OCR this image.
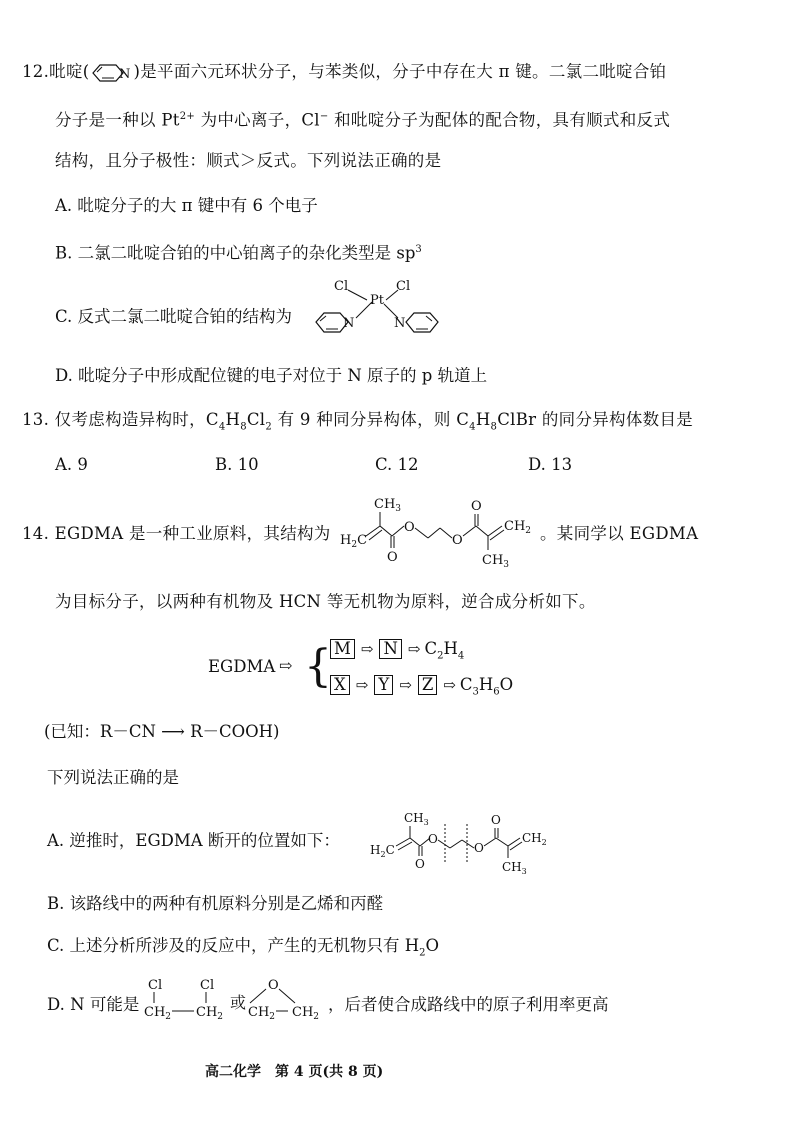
12.吡啶( N )是平面六元环状分子，与苯类似，分子中存在大 π 键。二氯二吡啶合铂
分子是一种以 $Pt^{2+}$ 为中心离子，Cl− 和吡啶分子为配体的配合物，具有顺式和反式
结构，且分子极性：顺式＞反式。下列说法正确的是
A. 吡啶分子的大 π 键中有 6 个电子
B. 二氯二吡啶合铂的中心铂离子的杂化类型是 $sp^3$
C. 反式二氯二吡啶合铂的结构为	N
Cl	Cl
Pt
N
D. 吡啶分子中形成配位键的电子对位于 N 原子的 p 轨道上
13. 仅考虑构造异构时，$C_4H_8Cl_2$ 有 9 种同分异构体，则 $C_4H_8ClBr$ 的同分异构体数目是
A. 9	B. 10	C. 12	D. 13
14. EGDMA 是一种工业原料，其结构为
$CH_3$
$H_2C$
O
O
O
O
$CH_2$
$CH_3$
。某同学以 EGDMA
为目标分子，以两种有机物及 HCN 等无机物为原料，逆合成分析如下。
EGDMA ⇨ { M ⇨ N ⇨ $C_2H_4$
X ⇨ Y ⇨ Z ⇨ $C_3H_6O$
(已知：R－CN ⟶ R－COOH)
下列说法正确的是
A. 逆推时，EGDMA 断开的位置如下：
$CH_3$
$H_2C$
O
O
O
O
$CH_2$
$CH_3$
B. 该路线中的两种有机原料分别是乙烯和丙醛
C. 上述分析所涉及的反应中，产生的无机物只有 $H_2O$
D. N 可能是
Cl
$CH_2$
Cl
$CH_2$
或
O
$CH_2$ $CH_2$
，后者使合成路线中的原子利用率更高
高二化学　第 4 页(共 8 页)
